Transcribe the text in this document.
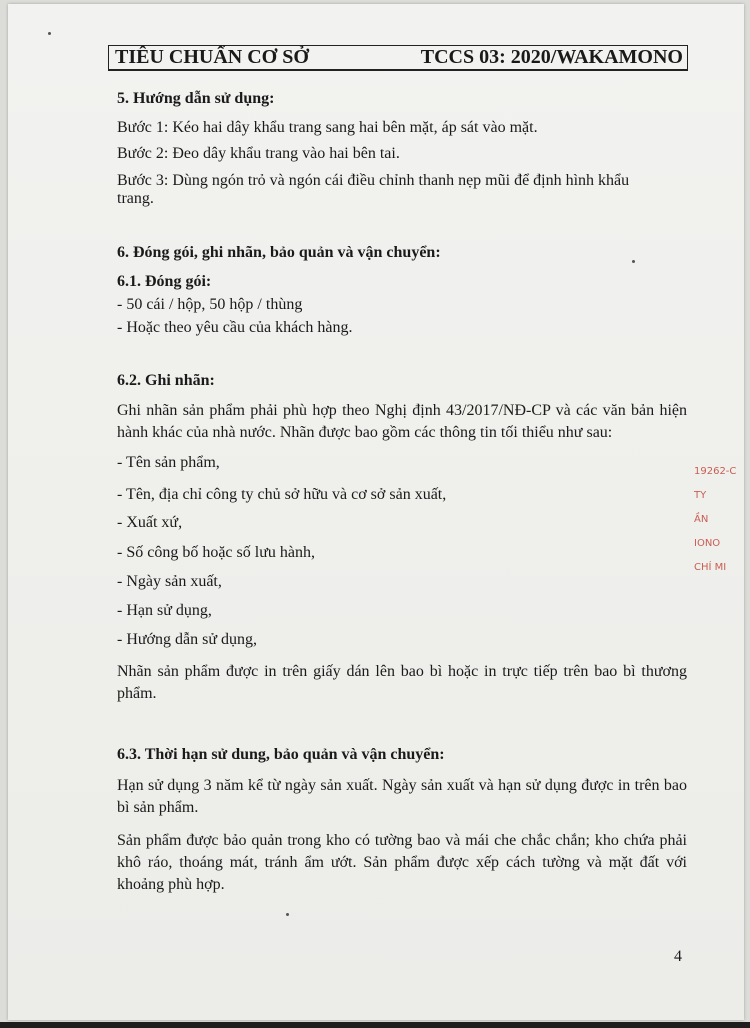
TIÊU CHUẨN CƠ SỞ	TCCS 03: 2020/WAKAMONO
5. Hướng dẫn sử dụng:
Bước 1: Kéo hai dây khẩu trang sang hai bên mặt, áp sát vào mặt.
Bước 2: Đeo dây khẩu trang vào hai bên tai.
Bước 3: Dùng ngón trỏ và ngón cái điều chỉnh thanh nẹp mũi để định hình khẩu
trang.
6. Đóng gói, ghi nhãn, bảo quản và vận chuyển:
6.1. Đóng gói:
- 50 cái / hộp, 50 hộp / thùng
- Hoặc theo yêu cầu của khách hàng.
6.2. Ghi nhãn:
Ghi nhãn sản phẩm phải phù hợp theo Nghị định 43/2017/NĐ-CP và các văn bản hiện hành khác của nhà nước. Nhãn được bao gồm các thông tin tối thiểu như sau:
- Tên sản phẩm,
- Tên, địa chỉ công ty chủ sở hữu và cơ sở sản xuất,
- Xuất xứ,
- Số công bố hoặc số lưu hành,
- Ngày sản xuất,
- Hạn sử dụng,
- Hướng dẫn sử dụng,
Nhãn sản phẩm được in trên giấy dán lên bao bì hoặc in trực tiếp trên bao bì thương phẩm.
6.3. Thời hạn sử dung, bảo quản và vận chuyển:
Hạn sử dụng 3 năm kể từ ngày sản xuất. Ngày sản xuất và hạn sử dụng được in trên bao bì sản phẩm.
Sản phẩm được bảo quản trong kho có tường bao và mái che chắc chắn; kho chứa phải khô ráo, thoáng mát, tránh ẩm ướt. Sản phẩm được xếp cách tường và mặt đất với khoảng phù hợp.
4
19262-C
TY
ẦN
IONO
CHÍ MI
